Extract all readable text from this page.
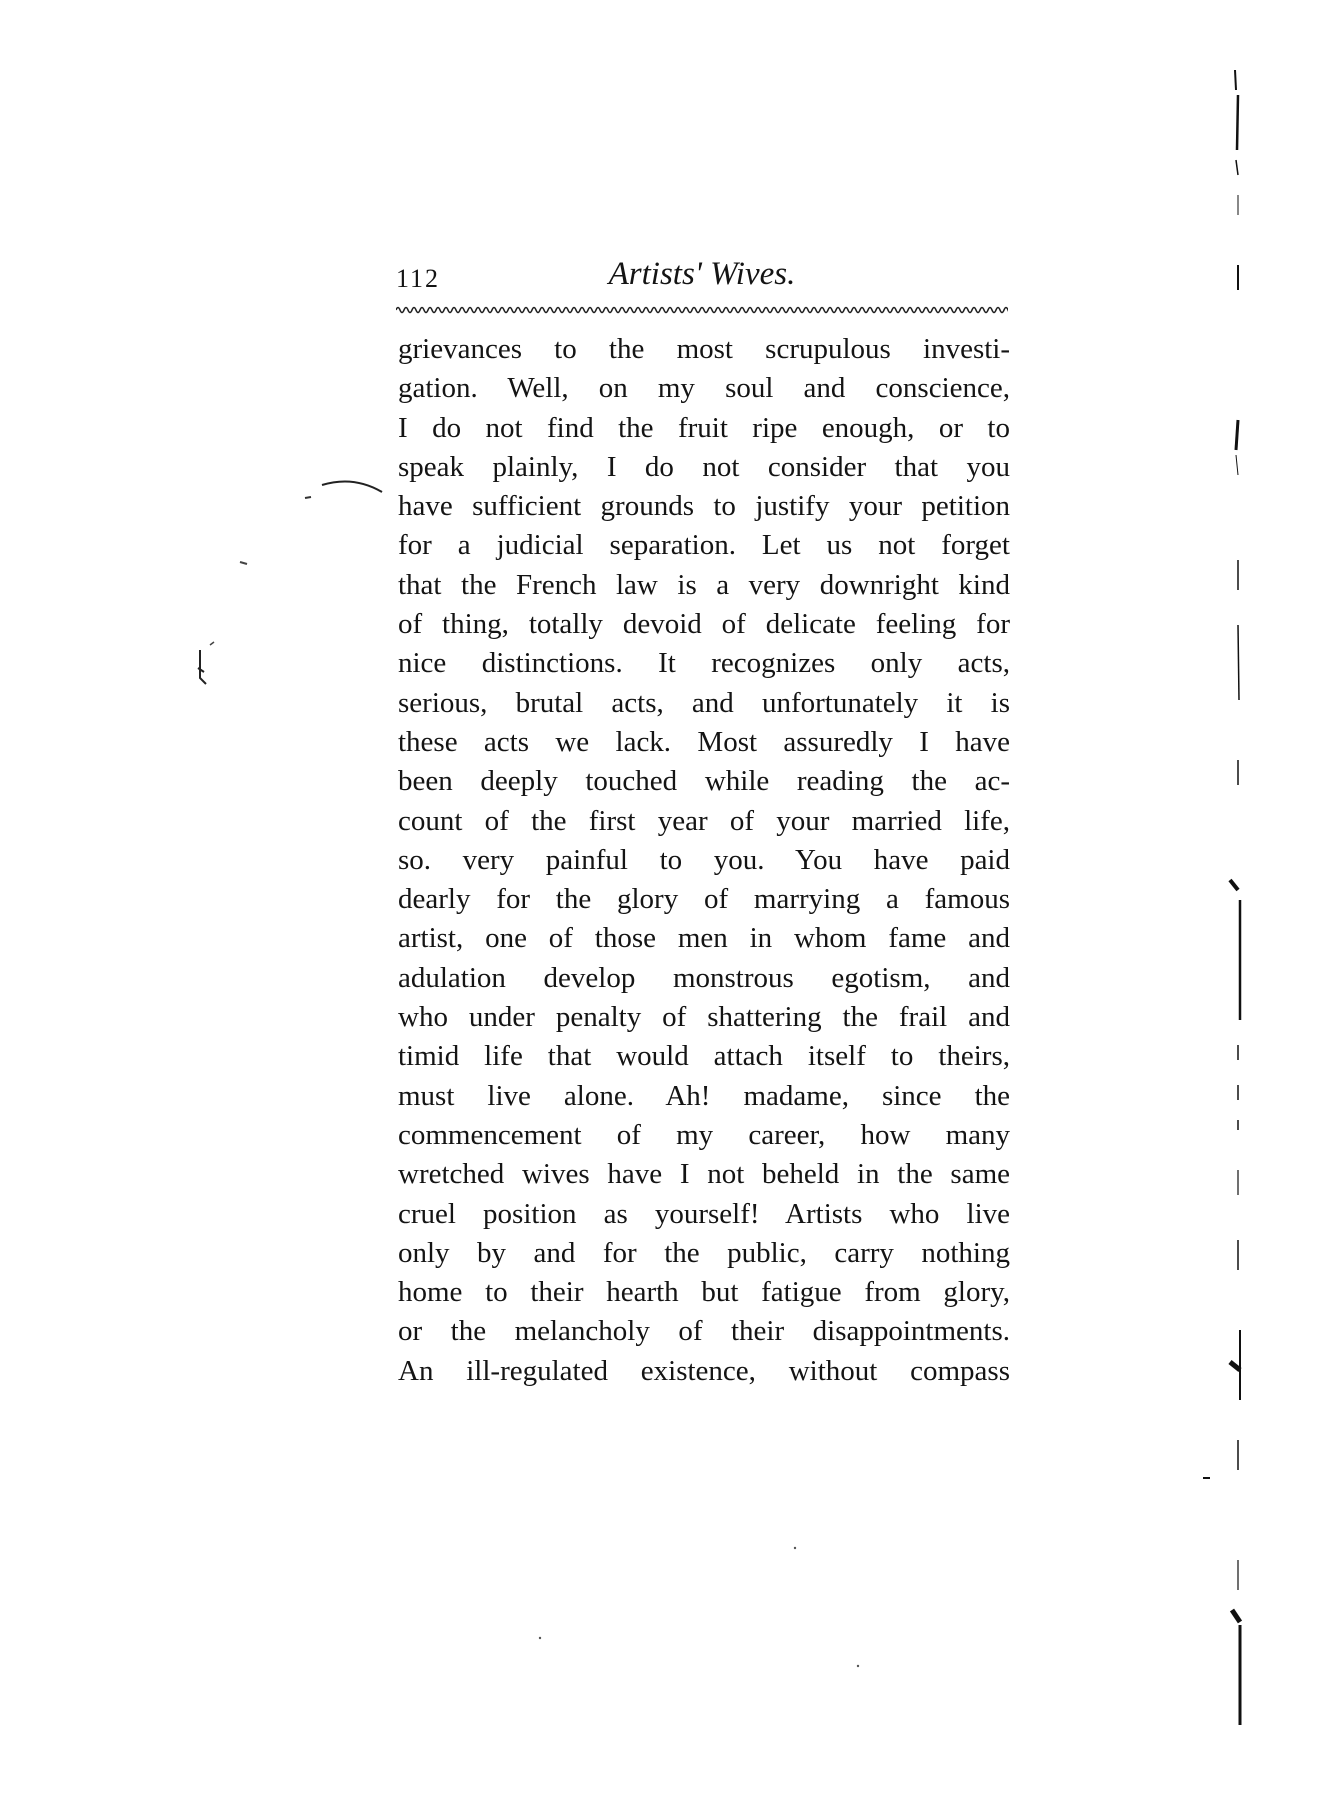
112	Artists' Wives.
grievances to the most scrupulous investi-
gation. Well, on my soul and conscience,
I do not find the fruit ripe enough, or to
speak plainly, I do not consider that you
have sufficient grounds to justify your petition
for a judicial separation. Let us not forget
that the French law is a very downright kind
of thing, totally devoid of delicate feeling for
nice distinctions. It recognizes only acts,
serious, brutal acts, and unfortunately it is
these acts we lack. Most assuredly I have
been deeply touched while reading the ac-
count of the first year of your married life,
so. very painful to you. You have paid
dearly for the glory of marrying a famous
artist, one of those men in whom fame and
adulation develop monstrous egotism, and
who under penalty of shattering the frail and
timid life that would attach itself to theirs,
must live alone. Ah! madame, since the
commencement of my career, how many
wretched wives have I not beheld in the same
cruel position as yourself! Artists who live
only by and for the public, carry nothing
home to their hearth but fatigue from glory,
or the melancholy of their disappointments.
An ill-regulated existence, without compass
